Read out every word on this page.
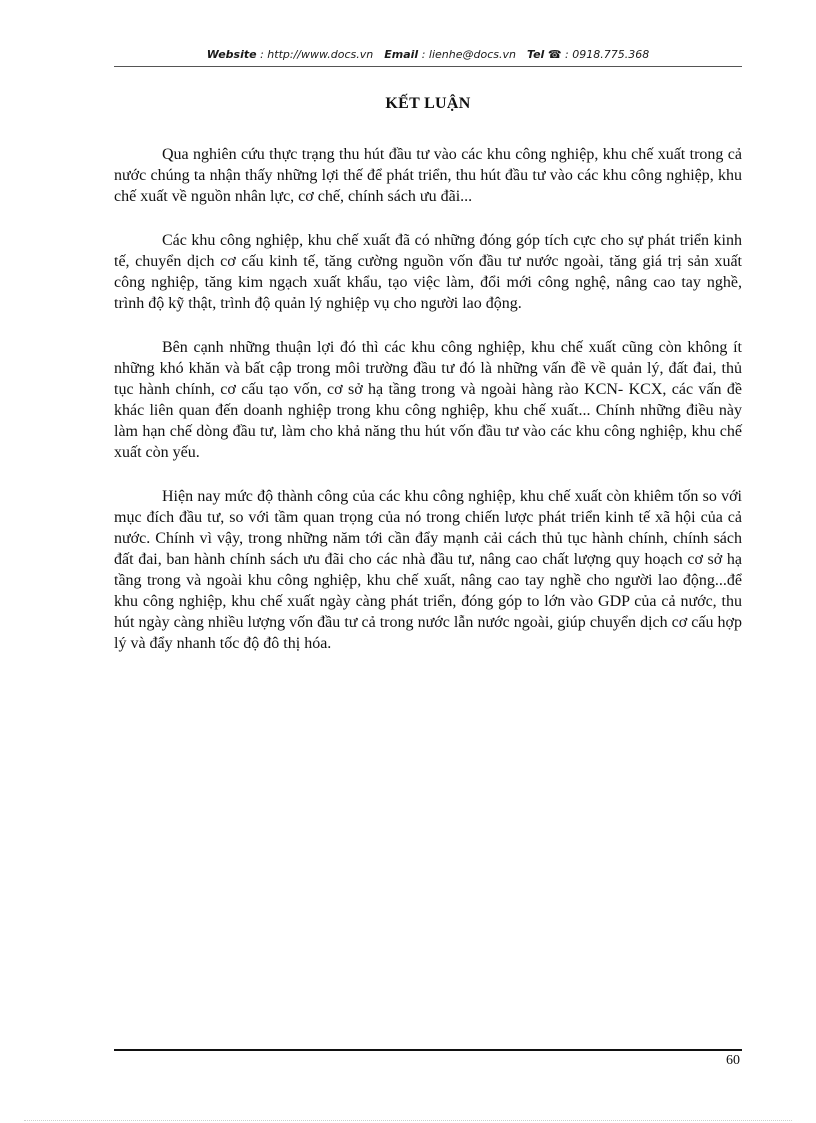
Website : http://www.docs.vn Email : lienhe@docs.vn Tel ☎ : 0918.775.368
KẾT LUẬN

Qua nghiên cứu thực trạng thu hút đầu tư vào các khu công nghiệp, khu chế xuất trong cả nước chúng ta nhận thấy những lợi thế để phát triển, thu hút đầu tư vào các khu công nghiệp, khu chế xuất về nguồn nhân lực, cơ chế, chính sách ưu đãi...

Các khu công nghiệp, khu chế xuất đã có những đóng góp tích cực cho sự phát triển kinh tế, chuyển dịch cơ cấu kinh tế, tăng cường nguồn vốn đầu tư nước ngoài, tăng giá trị sản xuất công nghiệp, tăng kim ngạch xuất khẩu, tạo việc làm, đổi mới công nghệ, nâng cao tay nghề, trình độ kỹ thật, trình độ quản lý nghiệp vụ cho người lao động.

Bên cạnh những thuận lợi đó thì các khu công nghiệp, khu chế xuất cũng còn không ít những khó khăn và bất cập trong môi trường đầu tư đó là những vấn đề về quản lý, đất đai, thủ tục hành chính, cơ cấu tạo vốn, cơ sở hạ tầng trong và ngoài hàng rào KCN- KCX, các vấn đề khác liên quan đến doanh nghiệp trong khu công nghiệp, khu chế xuất... Chính những điều này làm hạn chế dòng đầu tư, làm cho khả năng thu hút vốn đầu tư vào các khu công nghiệp, khu chế xuất còn yếu.

Hiện nay mức độ thành công của các khu công nghiệp, khu chế xuất còn khiêm tốn so với mục đích đầu tư, so với tầm quan trọng của nó trong chiến lược phát triển kinh tế xã hội của cả nước. Chính vì vậy, trong những năm tới cần đẩy mạnh cải cách thủ tục hành chính, chính sách đất đai, ban hành chính sách ưu đãi cho các nhà đầu tư, nâng cao chất lượng quy hoạch cơ sở hạ tầng trong và ngoài khu công nghiệp, khu chế xuất, nâng cao tay nghề cho người lao động...để khu công nghiệp, khu chế xuất ngày càng phát triển, đóng góp to lớn vào GDP của cả nước, thu hút ngày càng nhiều lượng vốn đầu tư cả trong nước lẫn nước ngoài, giúp chuyển dịch cơ cấu hợp lý và đẩy nhanh tốc độ đô thị hóa.

60
